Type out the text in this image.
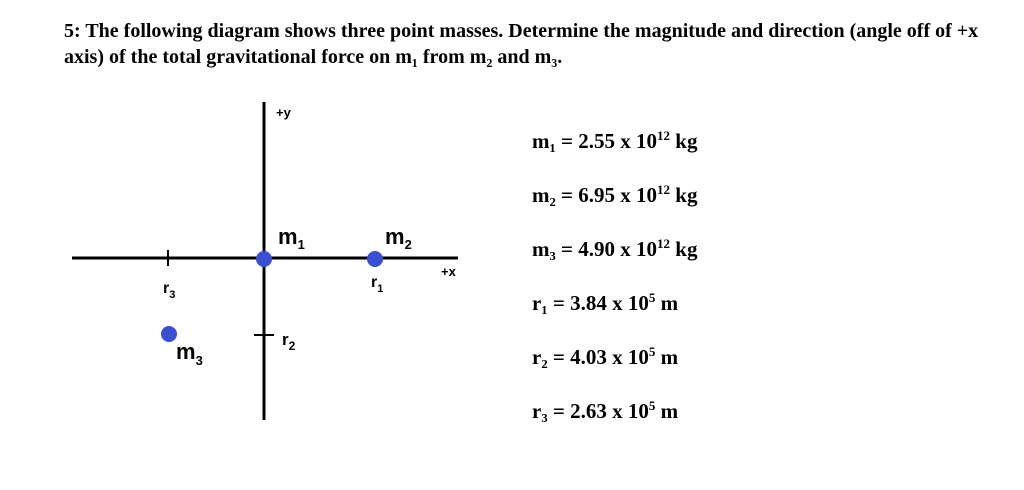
5: The following diagram shows three point masses. Determine the magnitude and direction (angle off of +x axis) of the total gravitational force on m₁ from m₂ and m₃.

+y
+x
$m_1$	$m_2$
$m_3$
$r_1$
$r_2$
$r_3$
m₁ = 2.55 x $10^{12}$ kg
m₂ = 6.95 x $10^{12}$ kg
m₃ = 4.90 x $10^{12}$ kg
r₁ = 3.84 x $10^5$ m
r₂ = 4.03 x $10^5$ m
r₃ = 2.63 x $10^5$ m
